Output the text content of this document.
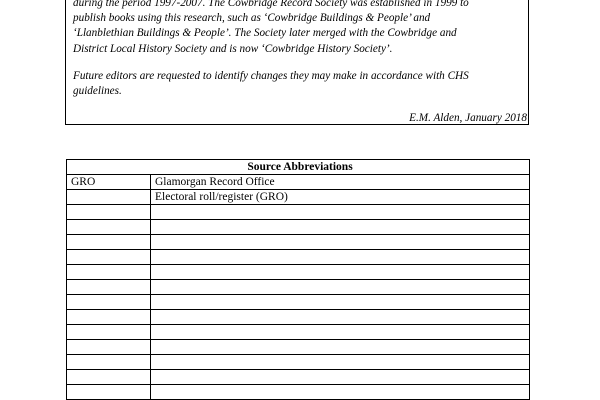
during the period 1997-2007. The Cowbridge Record Society was established in 1999 to

publish books using this research, such as ‘Cowbridge Buildings & People’ and

‘Llanblethian Buildings & People’. The Society later merged with the Cowbridge and

District Local History Society and is now ‘Cowbridge History Society’.

Future editors are requested to identify changes they may make in accordance with CHS

guidelines.

E.M. Alden, January 2018

Source Abbreviations	
GRO	Glamorgan Record Office
	Electoral roll/register (GRO)
